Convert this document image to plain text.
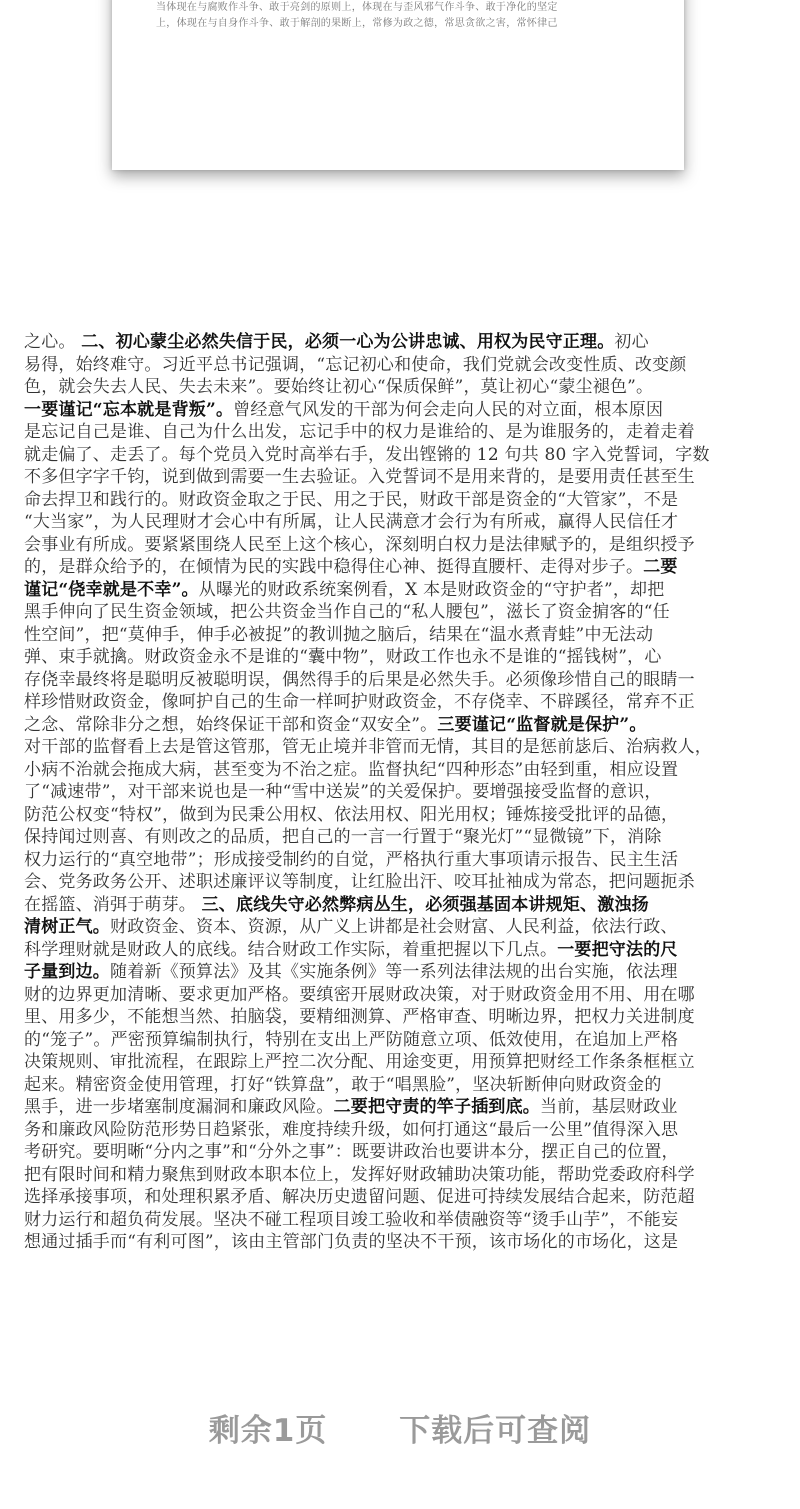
当体现在与腐败作斗争、敢于亮剑的原则上，体现在与歪风邪气作斗争、敢于净化的坚定
上，体现在与自身作斗争、敢于解剖的果断上，常修为政之德，常思贪欲之害，常怀律己
之心。 二、初心蒙尘必然失信于民，必须一心为公讲忠诚、用权为民守正理。初心
易得，始终难守。习近平总书记强调，“忘记初心和使命，我们党就会改变性质、改变颜
色，就会失去人民、失去未来”。要始终让初心“保质保鲜”，莫让初心“蒙尘褪色”。
一要谨记“忘本就是背叛”。曾经意气风发的干部为何会走向人民的对立面，根本原因
是忘记自己是谁、自己为什么出发，忘记手中的权力是谁给的、是为谁服务的，走着走着
就走偏了、走丢了。每个党员入党时高举右手，发出铿锵的 12 句共 80 字入党誓词，字数
不多但字字千钧，说到做到需要一生去验证。入党誓词不是用来背的，是要用责任甚至生
命去捍卫和践行的。财政资金取之于民、用之于民，财政干部是资金的“大管家”，不是
“大当家”，为人民理财才会心中有所属，让人民满意才会行为有所戒，赢得人民信任才
会事业有所成。要紧紧围绕人民至上这个核心，深刻明白权力是法律赋予的，是组织授予
的，是群众给予的，在倾情为民的实践中稳得住心神、挺得直腰杆、走得对步子。二要
谨记“侥幸就是不幸”。从曝光的财政系统案例看，X 本是财政资金的“守护者”，却把
黑手伸向了民生资金领域，把公共资金当作自己的“私人腰包”，滋长了资金掮客的“任
性空间”，把“莫伸手，伸手必被捉”的教训抛之脑后，结果在“温水煮青蛙”中无法动
弹、束手就擒。财政资金永不是谁的“囊中物”，财政工作也永不是谁的“摇钱树”，心
存侥幸最终将是聪明反被聪明误，偶然得手的后果是必然失手。必须像珍惜自己的眼睛一
样珍惜财政资金，像呵护自己的生命一样呵护财政资金，不存侥幸、不辟蹊径，常弃不正
之念、常除非分之想，始终保证干部和资金“双安全”。三要谨记“监督就是保护”。
对干部的监督看上去是管这管那，管无止境并非管而无情，其目的是惩前毖后、治病救人，
小病不治就会拖成大病，甚至变为不治之症。监督执纪“四种形态”由轻到重，相应设置
了“减速带”，对干部来说也是一种“雪中送炭”的关爱保护。要增强接受监督的意识，
防范公权变“特权”，做到为民秉公用权、依法用权、阳光用权；锤炼接受批评的品德，
保持闻过则喜、有则改之的品质，把自己的一言一行置于“聚光灯”“显微镜”下，消除
权力运行的“真空地带”；形成接受制约的自觉，严格执行重大事项请示报告、民主生活
会、党务政务公开、述职述廉评议等制度，让红脸出汗、咬耳扯袖成为常态，把问题扼杀
在摇篮、消弭于萌芽。 三、底线失守必然弊病丛生，必须强基固本讲规矩、激浊扬
清树正气。财政资金、资本、资源，从广义上讲都是社会财富、人民利益，依法行政、
科学理财就是财政人的底线。结合财政工作实际，着重把握以下几点。一要把守法的尺
子量到边。随着新《预算法》及其《实施条例》等一系列法律法规的出台实施，依法理
财的边界更加清晰、要求更加严格。要缜密开展财政决策，对于财政资金用不用、用在哪
里、用多少，不能想当然、拍脑袋，要精细测算、严格审查、明晰边界，把权力关进制度
的“笼子”。严密预算编制执行，特别在支出上严防随意立项、低效使用，在追加上严格
决策规则、审批流程，在跟踪上严控二次分配、用途变更，用预算把财经工作条条框框立
起来。精密资金使用管理，打好“铁算盘”，敢于“唱黑脸”，坚决斩断伸向财政资金的
黑手，进一步堵塞制度漏洞和廉政风险。二要把守责的竿子插到底。当前，基层财政业
务和廉政风险防范形势日趋紧张，难度持续升级，如何打通这“最后一公里”值得深入思
考研究。要明晰“分内之事”和“分外之事”：既要讲政治也要讲本分，摆正自己的位置，
把有限时间和精力聚焦到财政本职本位上，发挥好财政辅助决策功能，帮助党委政府科学
选择承接事项，和处理积累矛盾、解决历史遗留问题、促进可持续发展结合起来，防范超
财力运行和超负荷发展。坚决不碰工程项目竣工验收和举债融资等“烫手山芋”，不能妄
想通过插手而“有利可图”，该由主管部门负责的坚决不干预，该市场化的市场化，这是
剩余1页 下载后可查阅
